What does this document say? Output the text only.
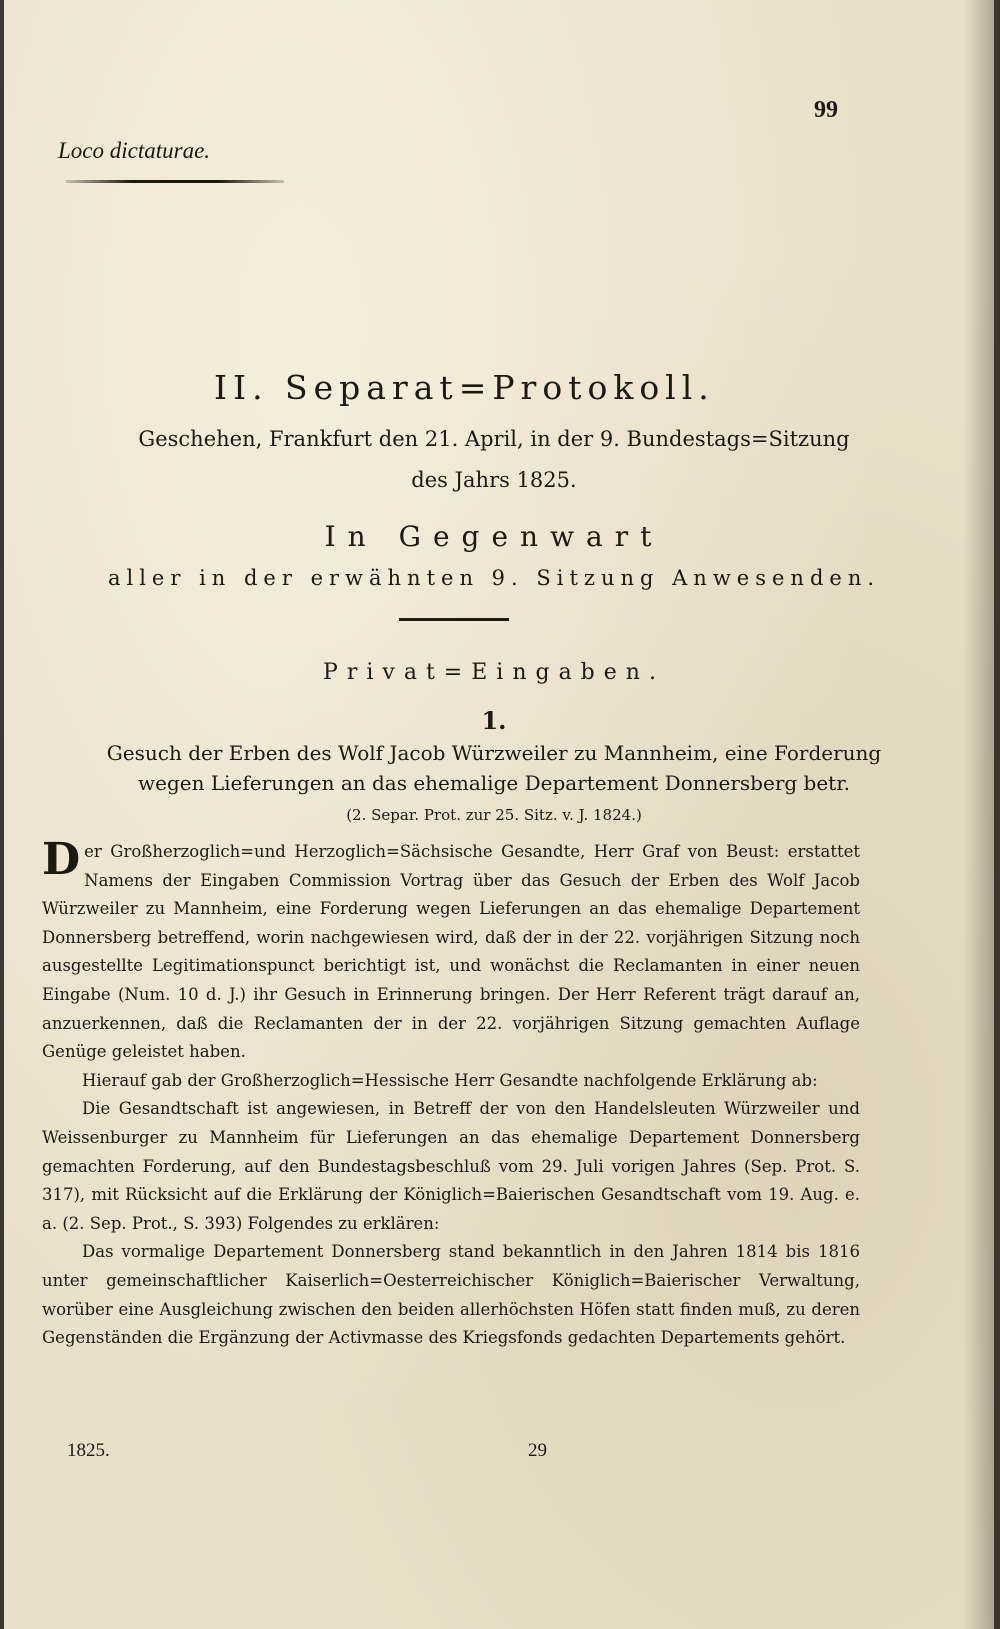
99
Loco dictaturae.
II. Separat=Protokoll.
Geschehen, Frankfurt den 21. April, in der 9. Bundestags=Sitzung
des Jahrs 1825.
In Gegenwart
aller in der erwähnten 9. Sitzung Anwesenden.
Privat=Eingaben.
1.
Gesuch der Erben des Wolf Jacob Würzweiler zu Mannheim, eine Forderung
wegen Lieferungen an das ehemalige Departement Donnersberg betr.
(2. Separ. Prot. zur 25. Sitz. v. J. 1824.)

Der Großherzoglich=und Herzoglich=Sächsische Gesandte, Herr Graf von Beust: erstattet Namens der Eingaben Commission Vortrag über das Gesuch der Erben des Wolf Jacob Würzweiler zu Mannheim, eine Forderung wegen Lieferungen an das ehemalige Departement Donnersberg betreffend, worin nachgewiesen wird, daß der in der 22. vorjährigen Sitzung noch ausgestellte Legitimationspunct berichtigt ist, und wonächst die Reclamanten in einer neuen Eingabe (Num. 10 d. J.) ihr Gesuch in Erinnerung bringen. Der Herr Referent trägt darauf an, anzuerkennen, daß die Reclamanten der in der 22. vorjährigen Sitzung gemachten Auflage Genüge geleistet haben.

Hierauf gab der Großherzoglich=Hessische Herr Gesandte nachfolgende Erklärung ab:

Die Gesandtschaft ist angewiesen, in Betreff der von den Handelsleuten Würzweiler und Weissenburger zu Mannheim für Lieferungen an das ehemalige Departement Donnersberg gemachten Forderung, auf den Bundestagsbeschluß vom 29. Juli vorigen Jahres (Sep. Prot. S. 317), mit Rücksicht auf die Erklärung der Königlich=Baierischen Gesandtschaft vom 19. Aug. e. a. (2. Sep. Prot., S. 393) Folgendes zu erklären:

Das vormalige Departement Donnersberg stand bekanntlich in den Jahren 1814 bis 1816 unter gemeinschaftlicher Kaiserlich=Oesterreichischer Königlich=Baierischer Verwaltung, worüber eine Ausgleichung zwischen den beiden allerhöchsten Höfen statt finden muß, zu deren Gegenständen die Ergänzung der Activmasse des Kriegsfonds gedachten Departements gehört.

1825.	29
